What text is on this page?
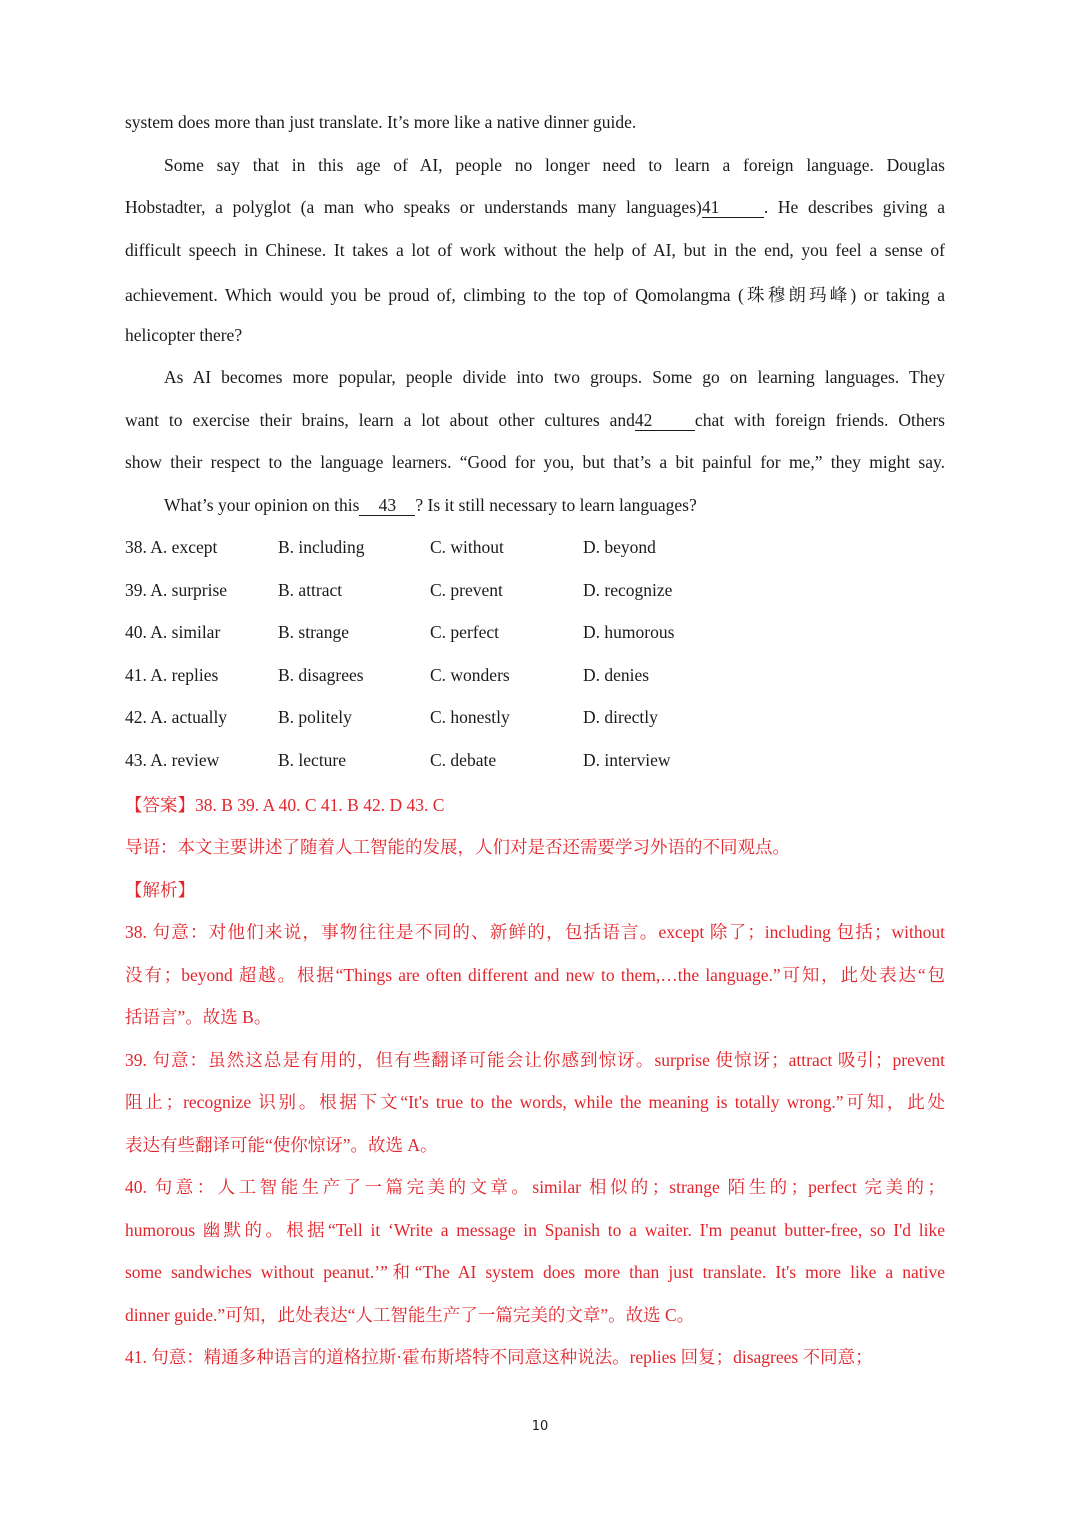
system does more than just translate. It’s more like a native dinner guide.
Some say that in this age of AI, people no longer need to learn a foreign language. Douglas
Hobstadter, a polyglot (a man who speaks or understands many languages)41	. He describes giving a
difficult speech in Chinese. It takes a lot of work without the help of AI, but in the end, you feel a sense of
achievement. Which would you be proud of, climbing to the top of Qomolangma (珠穆朗玛峰) or taking a
helicopter there?
As AI becomes more popular, people divide into two groups. Some go on learning languages. They
want to exercise their brains, learn a lot about other cultures and42 chat with foreign friends. Others
show their respect to the language learners. “Good for you, but that’s a bit painful for me,” they might say.
What’s your opinion on this 43 ? Is it still necessary to learn languages?
38. A. except	B. including	C. without	D. beyond
39. A. surprise	B. attract	C. prevent	D. recognize
40. A. similar	B. strange	C. perfect	D. humorous
41. A. replies	B. disagrees	C. wonders	D. denies
42. A. actually	B. politely	C. honestly	D. directly
43. A. review	B. lecture	C. debate	D. interview
【答案】38. B 39. A 40. C 41. B 42. D 43. C
导语：本文主要讲述了随着人工智能的发展，人们对是否还需要学习外语的不同观点。
【解析】
38. 句意：对他们来说，事物往往是不同的、新鲜的，包括语言。except 除了；including 包括；without
没有；beyond 超越。根据“Things are often different and new to them,…the language.”可知，此处表达“包
括语言”。故选 B。
39. 句意：虽然这总是有用的，但有些翻译可能会让你感到惊讶。surprise 使惊讶；attract 吸引；prevent
阻止；recognize 识别。根据下文“It's true to the words, while the meaning is totally wrong.”可知，此处
表达有些翻译可能“使你惊讶”。故选 A。
40. 句意：人工智能生产了一篇完美的文章。similar 相似的；strange 陌生的；perfect 完美的；
humorous 幽默的。根据“Tell it ‘Write a message in Spanish to a waiter. I'm peanut butter-free, so I'd like
some sandwiches without peanut.’”和“The AI system does more than just translate. It's more like a native
dinner guide.”可知，此处表达“人工智能生产了一篇完美的文章”。故选 C。
41. 句意：精通多种语言的道格拉斯·霍布斯塔特不同意这种说法。replies 回复；disagrees 不同意；
10
